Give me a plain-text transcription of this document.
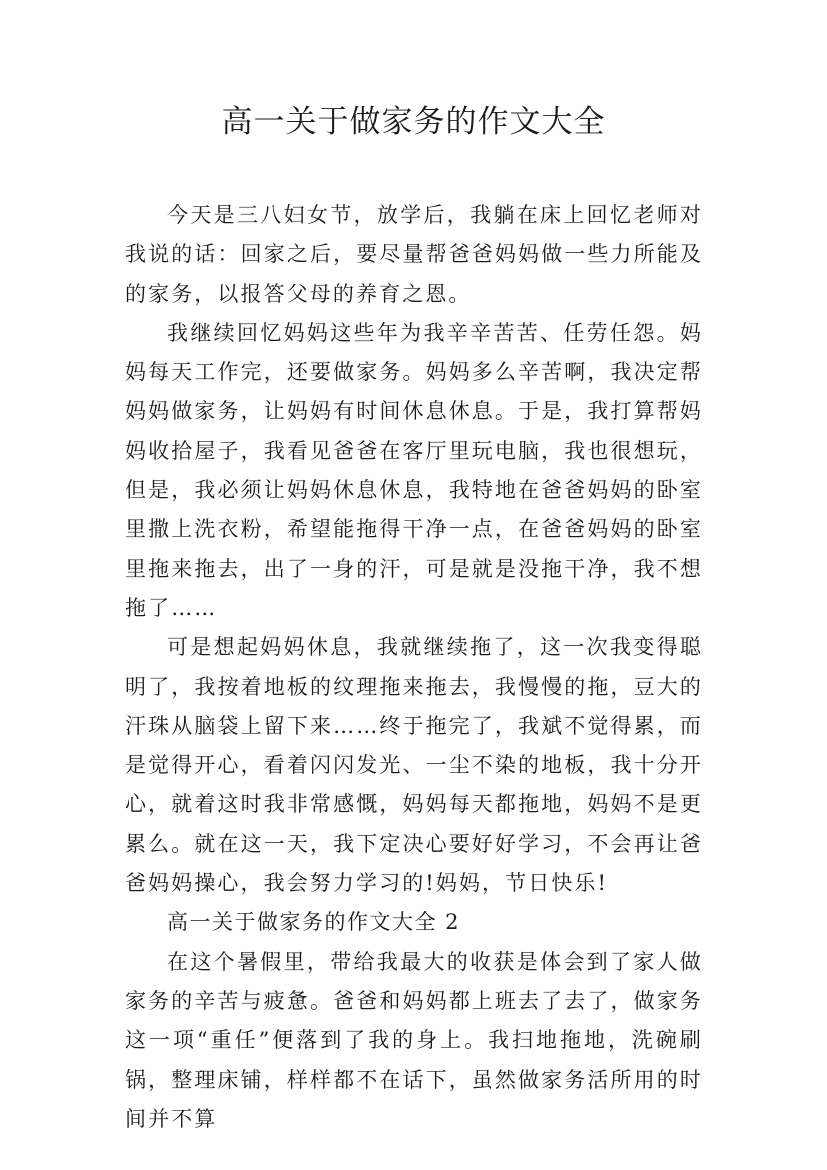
高一关于做家务的作文大全

今天是三八妇女节，放学后，我躺在床上回忆老师对我说的话：回家之后，要尽量帮爸爸妈妈做一些力所能及的家务，以报答父母的养育之恩。

我继续回忆妈妈这些年为我辛辛苦苦、任劳任怨。妈妈每天工作完，还要做家务。妈妈多么辛苦啊，我决定帮妈妈做家务，让妈妈有时间休息休息。于是，我打算帮妈妈收拾屋子，我看见爸爸在客厅里玩电脑，我也很想玩，但是，我必须让妈妈休息休息，我特地在爸爸妈妈的卧室里撒上洗衣粉，希望能拖得干净一点，在爸爸妈妈的卧室里拖来拖去，出了一身的汗，可是就是没拖干净，我不想拖了……

可是想起妈妈休息，我就继续拖了，这一次我变得聪明了，我按着地板的纹理拖来拖去，我慢慢的拖，豆大的汗珠从脑袋上留下来……终于拖完了，我斌不觉得累，而是觉得开心，看着闪闪发光、一尘不染的地板，我十分开心，就着这时我非常感慨，妈妈每天都拖地，妈妈不是更累么。就在这一天，我下定决心要好好学习，不会再让爸爸妈妈操心，我会努力学习的!妈妈，节日快乐!

高一关于做家务的作文大全 2

在这个暑假里，带给我最大的收获是体会到了家人做家务的辛苦与疲惫。爸爸和妈妈都上班去了去了，做家务这一项“重任”便落到了我的身上。我扫地拖地，洗碗刷锅，整理床铺，样样都不在话下，虽然做家务活所用的时间并不算
